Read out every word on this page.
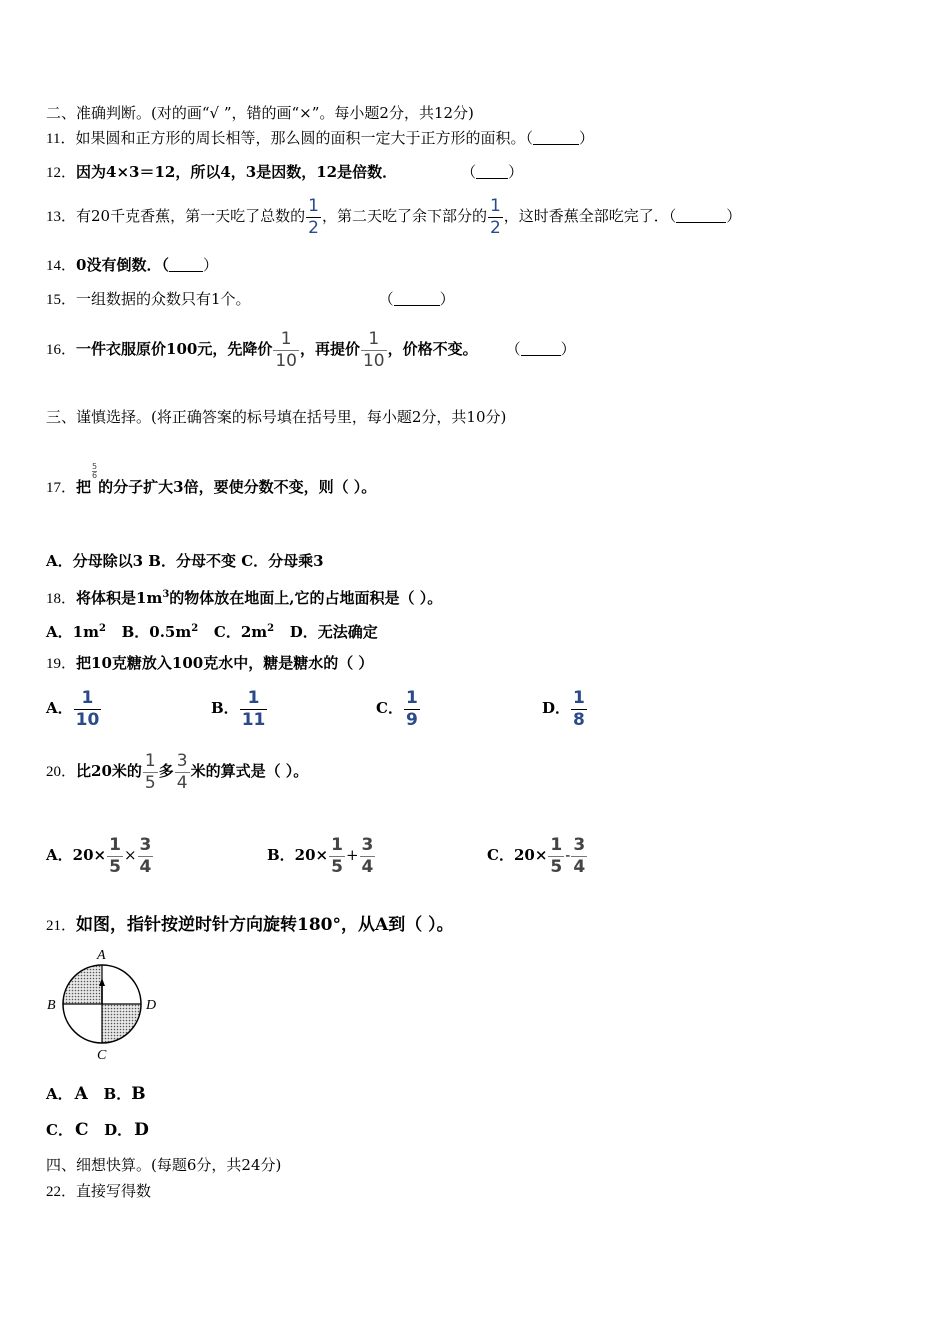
二、准确判断。(对的画“√ ”，错的画“×”。每小题2分，共12分)
11．如果圆和正方形的周长相等，那么圆的面积一定大于正方形的面积。（	）
12．因为4×3＝12，所以4，3是因数，12是倍数．	（ ）
13．有20千克香蕉，第一天吃了总数的 $\frac{1}{2}$ ，第二天吃了余下部分的 $\frac{1}{2}$ ，这时香蕉全部吃完了．（	）
14．0没有倒数．（ ）
15．一组数据的众数只有1个。	（	）
16．一件衣服原价100元，先降价 $\frac{1}{10}$ ，再提价 $\frac{1}{10}$ ，价格不变。 （	）
三、谨慎选择。(将正确答案的标号填在括号里，每小题2分，共10分)
17．把
$\frac{5}{6}$
的分子扩大3倍，要使分数不变，则（ ）。
A．分母除以3 B．分母不变 C．分母乘3
18．将体积是$1m^3$的物体放在地面上,它的占地面积是（ ）。
A．$1m^2$ B．$0.5m^2$ C．$2m^2$ D．无法确定
19．把10克糖放入100克水中，糖是糖水的（ ）
A． $\frac{1}{10}$	B． $\frac{1}{11}$	C． $\frac{1}{9}$	D． $\frac{1}{8}$
20．比20米的 $\frac{1}{5}$ 多 $\frac{3}{4}$ 米的算式是（ ）。
A．$20\times \frac{1}{5} \times \frac{3}{4}$	B．$20\times \frac{1}{5} + \frac{3}{4}$	C．$20\times \frac{1}{5} - \frac{3}{4}$
21．如图，指针按逆时针方向旋转180°，从A到（ ）。
A
B
C
D
A． A B．B
C． C D． D
四、细想快算。(每题6分，共24分)
22．直接写得数
